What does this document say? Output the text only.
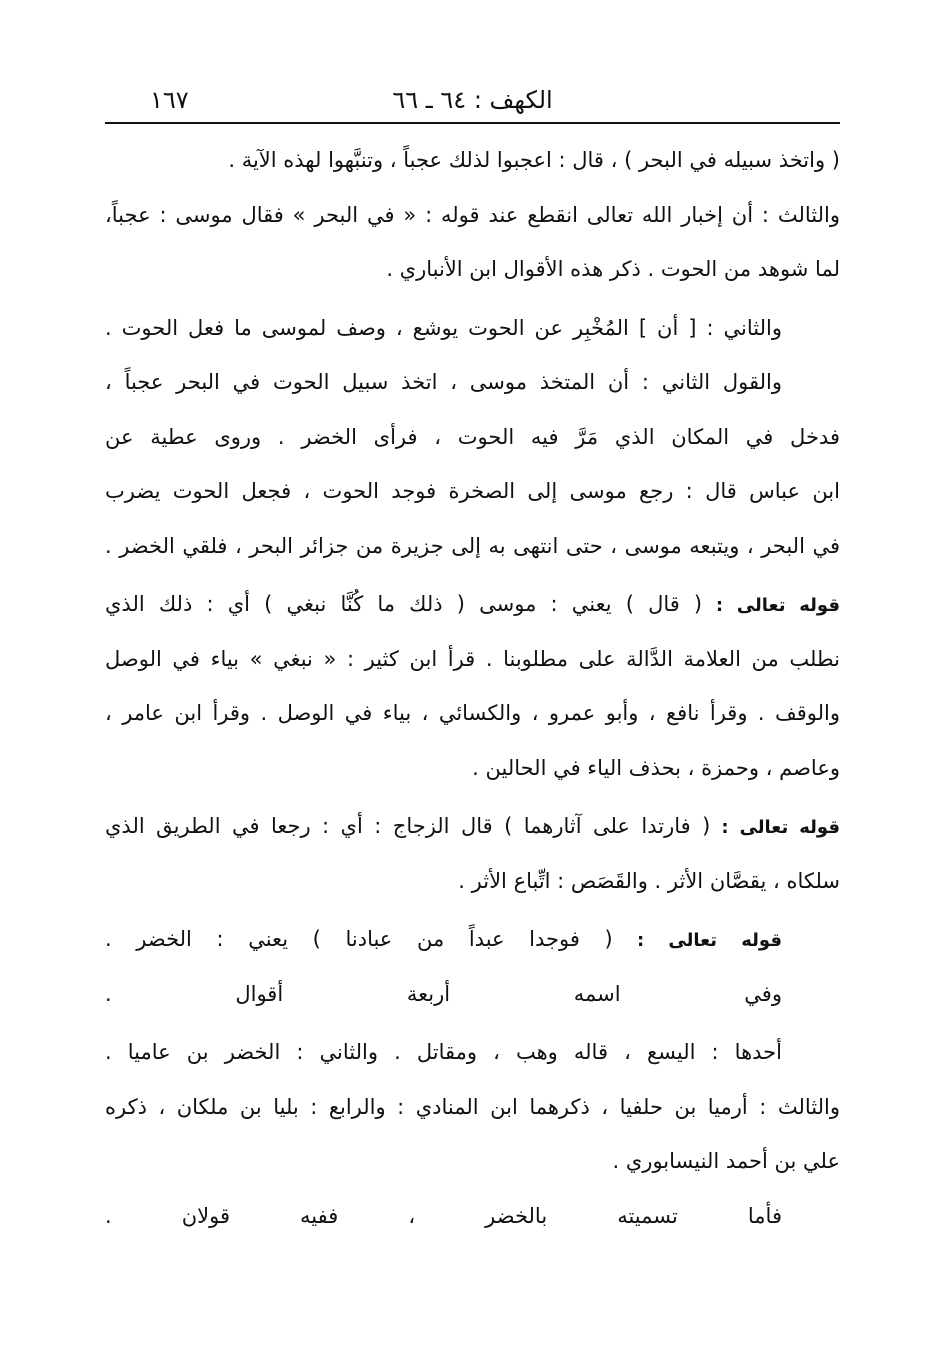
الكهف : ٦٤ ـ ٦٦
١٦٧
( واتخذ سبيله في البحر ) ، قال : اعجبوا لذلك عجباً ، وتنبَّهوا لهذه الآية .
والثالث : أن إخبار الله تعالى انقطع عند قوله : « في البحر » فقال موسى : عجباً،
لما شوهد من الحوت . ذكر هذه الأقوال ابن الأنباري .
والثاني : [ أن ] المُخْبِر عن الحوت يوشع ، وصف لموسى ما فعل الحوت .
والقول الثاني : أن المتخذ موسى ، اتخذ سبيل الحوت في البحر عجباً ،
فدخل في المكان الذي مَرَّ فيه الحوت ، فرأى الخضر . وروى عطية عن
ابن عباس قال : رجع موسى إلى الصخرة فوجد الحوت ، فجعل الحوت يضرب
في البحر ، ويتبعه موسى ، حتى انتهى به إلى جزيرة من جزائر البحر ، فلقي الخضر .
قوله تعالى : ( قال ) يعني : موسى ( ذلك ما كُنَّا نبغي ) أي : ذلك الذي
نطلب من العلامة الدَّالة على مطلوبنا . قرأ ابن كثير : « نبغي » بياء في الوصل
والوقف . وقرأ نافع ، وأبو عمرو ، والكسائي ، بياء في الوصل . وقرأ ابن عامر ،
وعاصم ، وحمزة ، بحذف الياء في الحالين .
قوله تعالى : ( فارتدا على آثارهما ) قال الزجاج : أي : رجعا في الطريق الذي
سلكاه ، يقصَّان الأثر . والقَصَص : اتِّباع الأثر .
قوله تعالى : ( فوجدا عبداً من عبادنا ) يعني : الخضر .
وفي اسمه أربعة أقوال .
أحدها : اليسع ، قاله وهب ، ومقاتل . والثاني : الخضر بن عاميا .
والثالث : أرميا بن حلفيا ، ذكرهما ابن المنادي : والرابع : بليا بن ملكان ، ذكره
علي بن أحمد النيسابوري .
فأما تسميته بالخضر ، ففيه قولان .
